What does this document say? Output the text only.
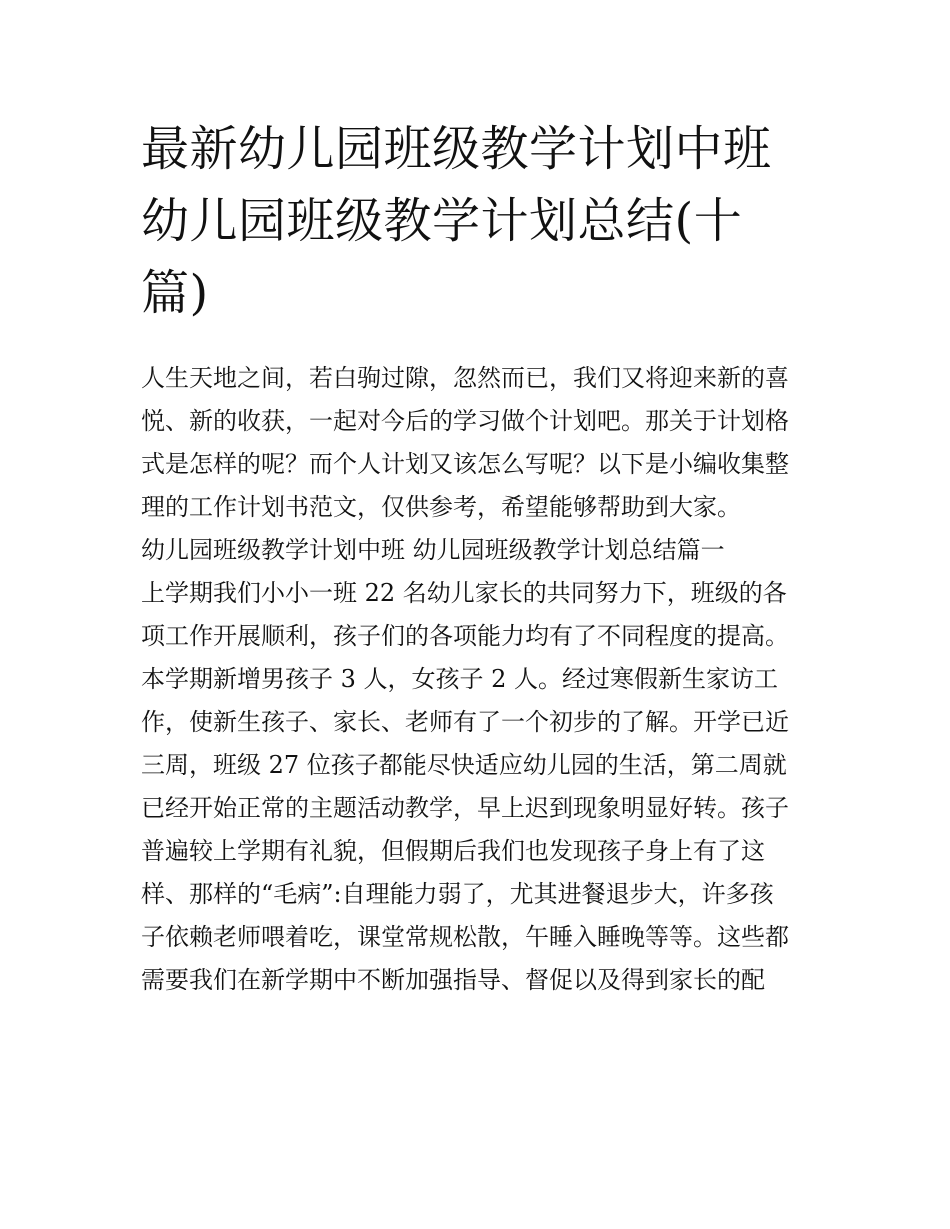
最新幼儿园班级教学计划中班
幼儿园班级教学计划总结(十
篇)
人生天地之间，若白驹过隙，忽然而已，我们又将迎来新的喜
悦、新的收获，一起对今后的学习做个计划吧。那关于计划格
式是怎样的呢？而个人计划又该怎么写呢？以下是小编收集整
理的工作计划书范文，仅供参考，希望能够帮助到大家。
幼儿园班级教学计划中班 幼儿园班级教学计划总结篇一
上学期我们小小一班 22 名幼儿家长的共同努力下，班级的各
项工作开展顺利，孩子们的各项能力均有了不同程度的提高。
本学期新增男孩子 3 人，女孩子 2 人。经过寒假新生家访工
作，使新生孩子、家长、老师有了一个初步的了解。开学已近
三周，班级 27 位孩子都能尽快适应幼儿园的生活，第二周就
已经开始正常的主题活动教学，早上迟到现象明显好转。孩子
普遍较上学期有礼貌，但假期后我们也发现孩子身上有了这
样、那样的“毛病”:自理能力弱了，尤其进餐退步大，许多孩
子依赖老师喂着吃，课堂常规松散，午睡入睡晚等等。这些都
需要我们在新学期中不断加强指导、督促以及得到家长的配
